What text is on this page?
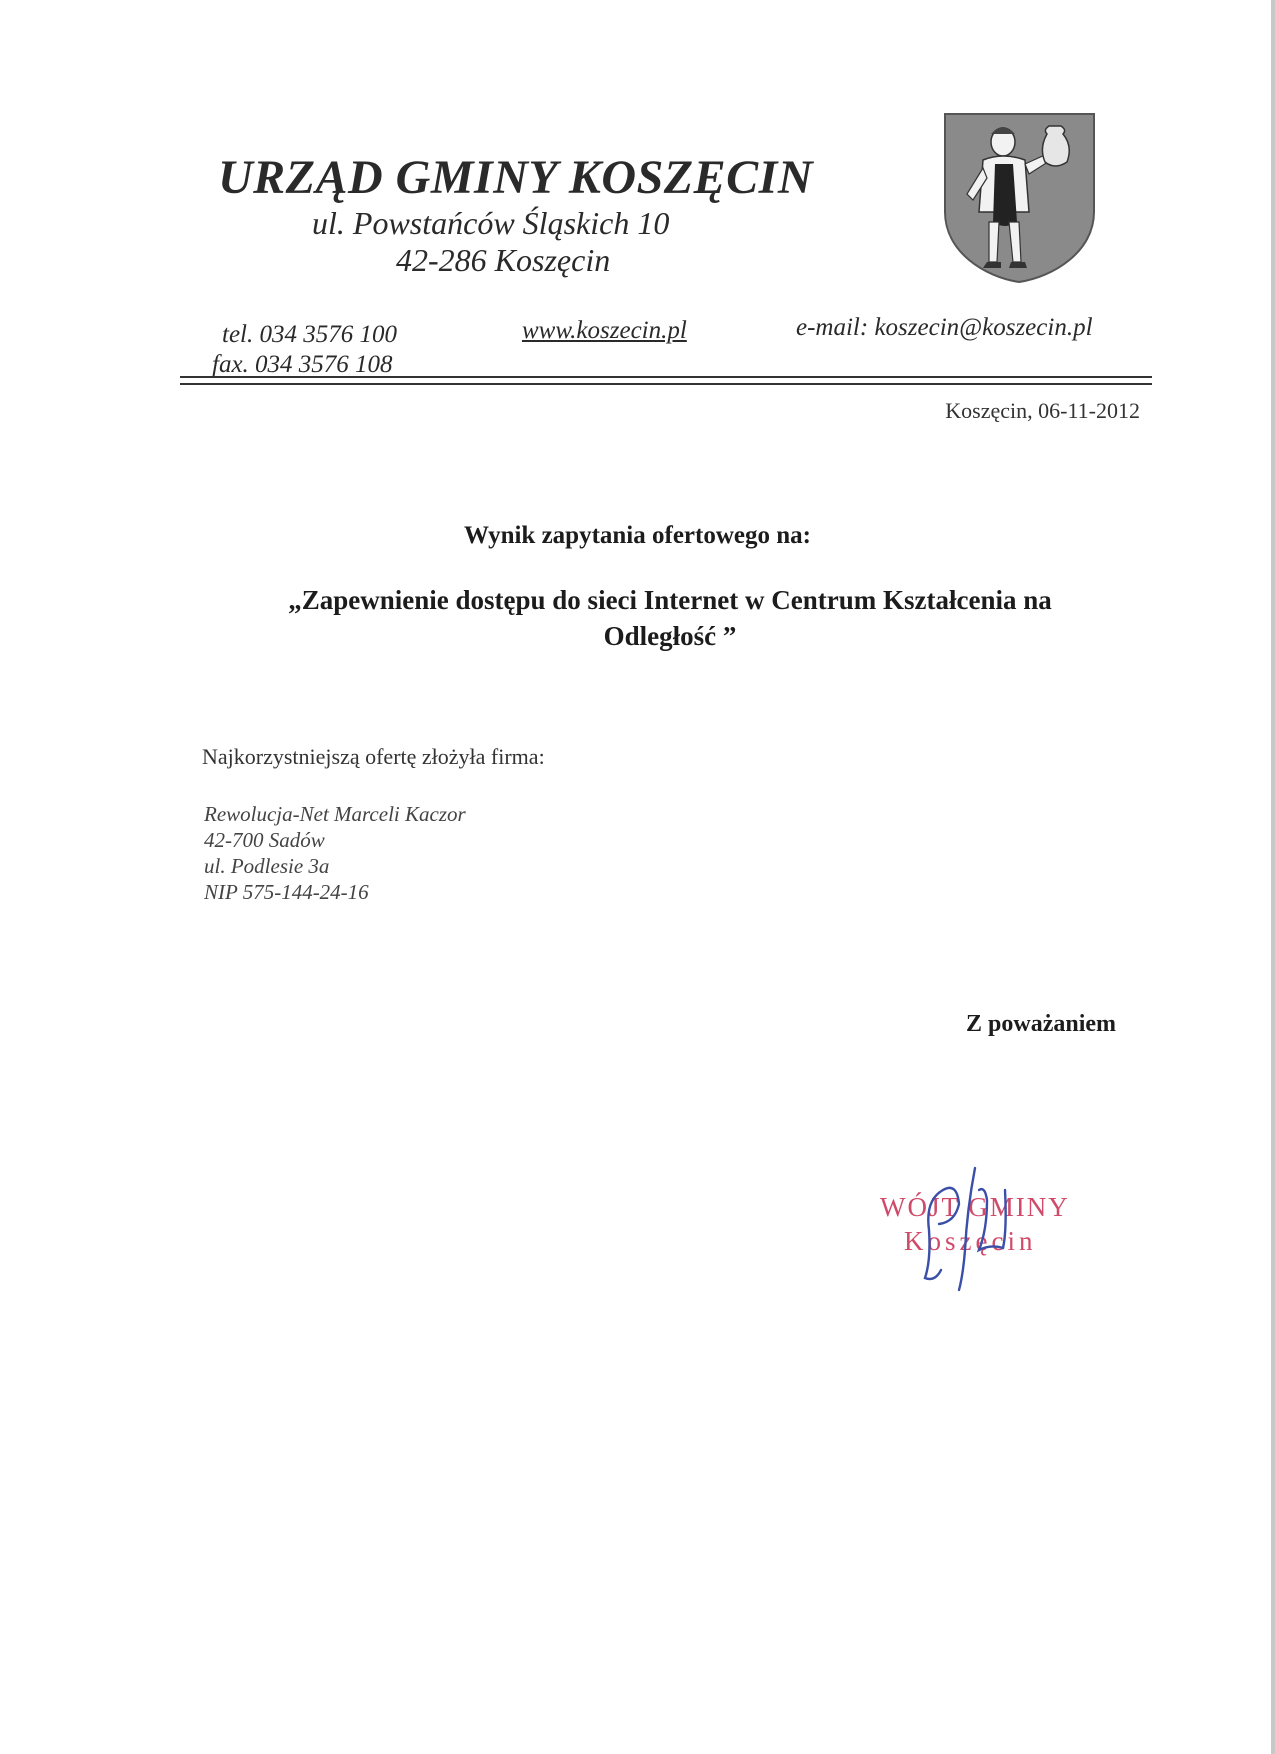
URZĄD GMINY KOSZĘCIN
ul. Powstańców Śląskich 10
42-286 Koszęcin
tel. 034 3576 100
fax. 034 3576 108
www.koszecin.pl	e-mail: koszecin@koszecin.pl
Koszęcin, 06-11-2012
Wynik zapytania ofertowego na:
„Zapewnienie dostępu do sieci Internet w Centrum Kształcenia na
Odległość ”
Najkorzystniejszą ofertę złożyła firma:
Rewolucja-Net Marceli Kaczor
42-700 Sadów
ul. Podlesie 3a
NIP 575-144-24-16
Z poważaniem
WÓJT GMINY
Koszęcin
